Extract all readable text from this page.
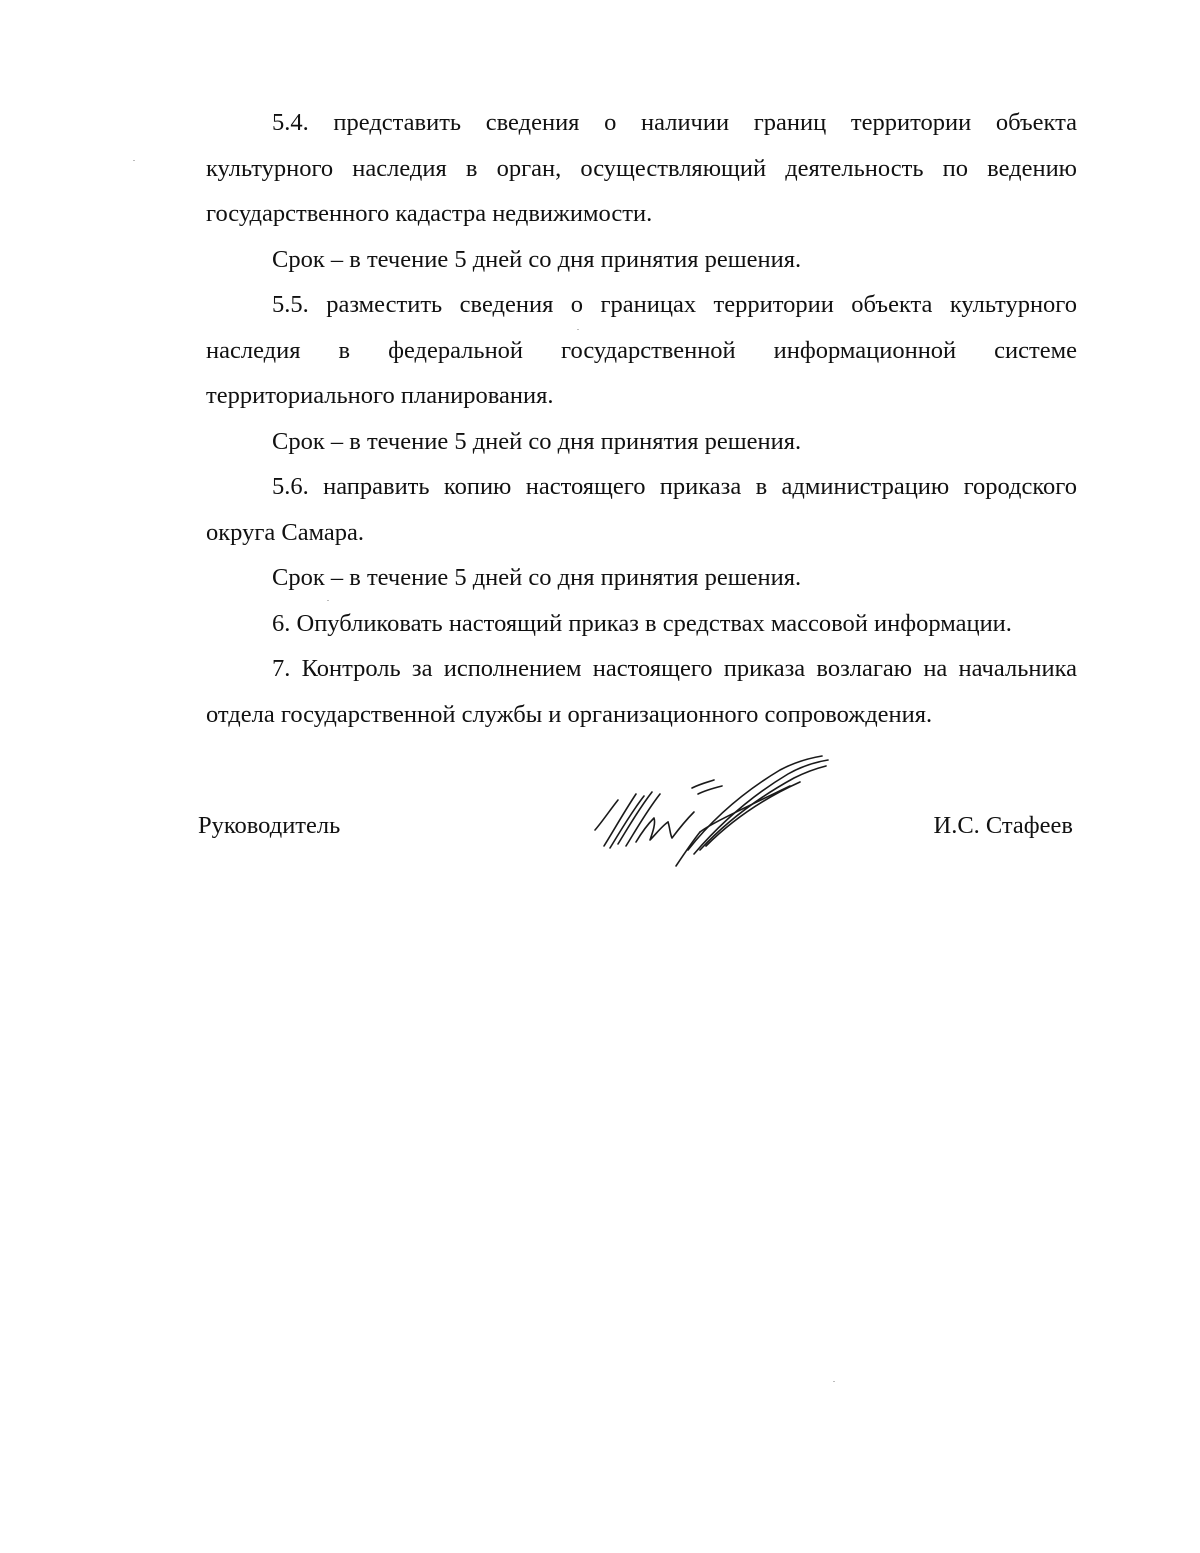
5.4. представить сведения о наличии границ территории объекта культурного наследия в орган, осуществляющий деятельность по ведению государственного кадастра недвижимости.

Срок – в течение 5 дней со дня принятия решения.

5.5. разместить сведения о границах территории объекта культурного наследия в федеральной государственной информационной системе территориального планирования.

Срок – в течение 5 дней со дня принятия решения.

5.6. направить копию настоящего приказа в администрацию городского округа Самара.

Срок – в течение 5 дней со дня принятия решения.

6. Опубликовать настоящий приказ в средствах массовой информации.

7. Контроль за исполнением настоящего приказа возлагаю на начальника отдела государственной службы и организационного сопровождения.

Руководитель	И.С. Стафеев
